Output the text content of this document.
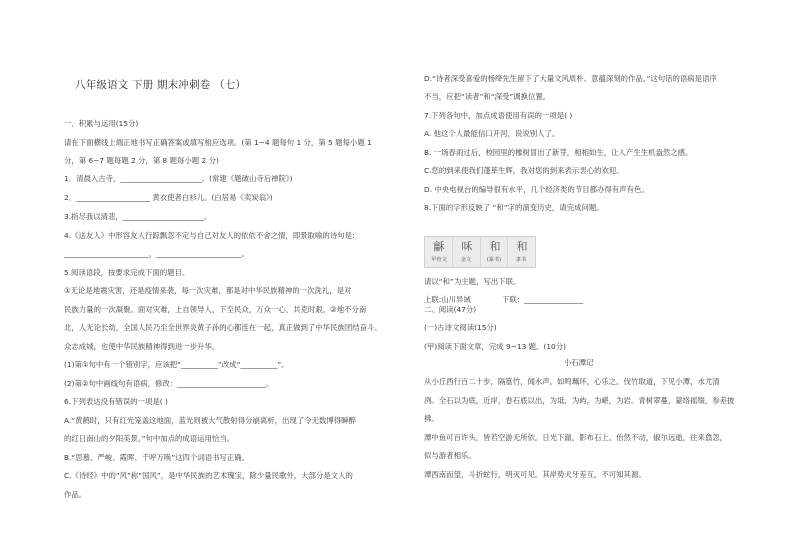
八年级语文 下册 期末冲刺卷 （七）
一．积累与运用(15分)
请在下面横线上端正地书写正确答案或填写相应选项。(第 1~4 题每句 1 分，第 5 题每小题 1
分，第 6~7 题每题 2 分，第 8 题每小题 2 分)
1．清晨入古寺，______________________。(常建《题破山寺后禅院》)
2．____________________ 黄衣使者白衫儿。(白居易《卖炭翁》)
3.指尽我以清悲，______________________。
4.《送友人》中形容友人行踪飘忽不定与自己对友人的依依不舍之情，即景取喻的诗句是：
_______________________，_______________________。
5.阅读语段，按要求完成下面的题目。
①无论是地震灾害，还是疫情来袭，每一次灾难，都是对中华民族精神的一次洗礼，是对
民族力量的一次凝聚。面对灾难，上自领导人，下至民众，万众一心，共克时艰。②地不分南
北，人无论长幼，全国人民乃至全世界炎黄子孙的心都连在一起，真正做到了中华民族团结奋斗、
众志成城，也使中华民族精神得到进一步升华。
(1)第①句中有一个错别字，应该把“__________”改成“__________”。
(2)第②句中画线句有语病，修改：________________________。
6.下列表达没有错误的一项是( )
A.“黄鹤时，只有红光笼盖这地面，蓝光则被大气散射得分崩离析，出现了令无数博得瞬醉
的红日南山的夕阳美景。”句中加点的成语运用恰当。
B.“思慕、严峻、霞晖、千呼万唤”这四个词语书写正确。
C.《诗经》中的“风”称“国风”，是中华民族的艺术瑰宝，除少量民歌外，大部分是文人的
作品。
D.“诗者深受喜爱的杨绛先生留下了大量文风质朴、意蕴深刻的作品。”这句话的语病是语序
不当，应把“读者”和“深受”调换位置。
7.下列各句中，加点成语使用有误的一项是( )
A. 他这个人最能信口开河，说说别人了。
B. 一场春雨过后，校园里的橡树冒出了新芽，相相如生，让人产生生机盎然之感。
C.您的到来使我们蓬荜生辉，我对您的到来表示衷心的欢迎。
D. 中央电视台的编导很有水平，几个经济类的节目都办得有声有色。
8.下面的字形反映了 “和”字的演变历史，请完成问题。
龢 咊 和 和
甲骨文	金文	(篆书)	隶书
请以“和”为主题，写出下联。
上联:山川异域	下联：________________
二、阅读(47分)
(一)古诗文阅读(15分)
(甲)阅读下面文章，完成 9~13 题。(10分)
小石潭记
从小丘西行百二十步，隔篁竹，闻水声，如鸣珮环，心乐之。伐竹取道，下见小潭，水尤清
洌。全石以为底，近岸，卷石底以出，为坻，为屿，为嵁，为岩。青树翠蔓，蒙络摇缀，参差披
拂。
潭中鱼可百许头，皆若空游无所依。日光下澈，影布石上。佁然不动，俶尔远逝，往来翕忽，
似与游者相乐。
潭西南而望，斗折蛇行，明灭可见。其岸势犬牙差互，不可知其源。
